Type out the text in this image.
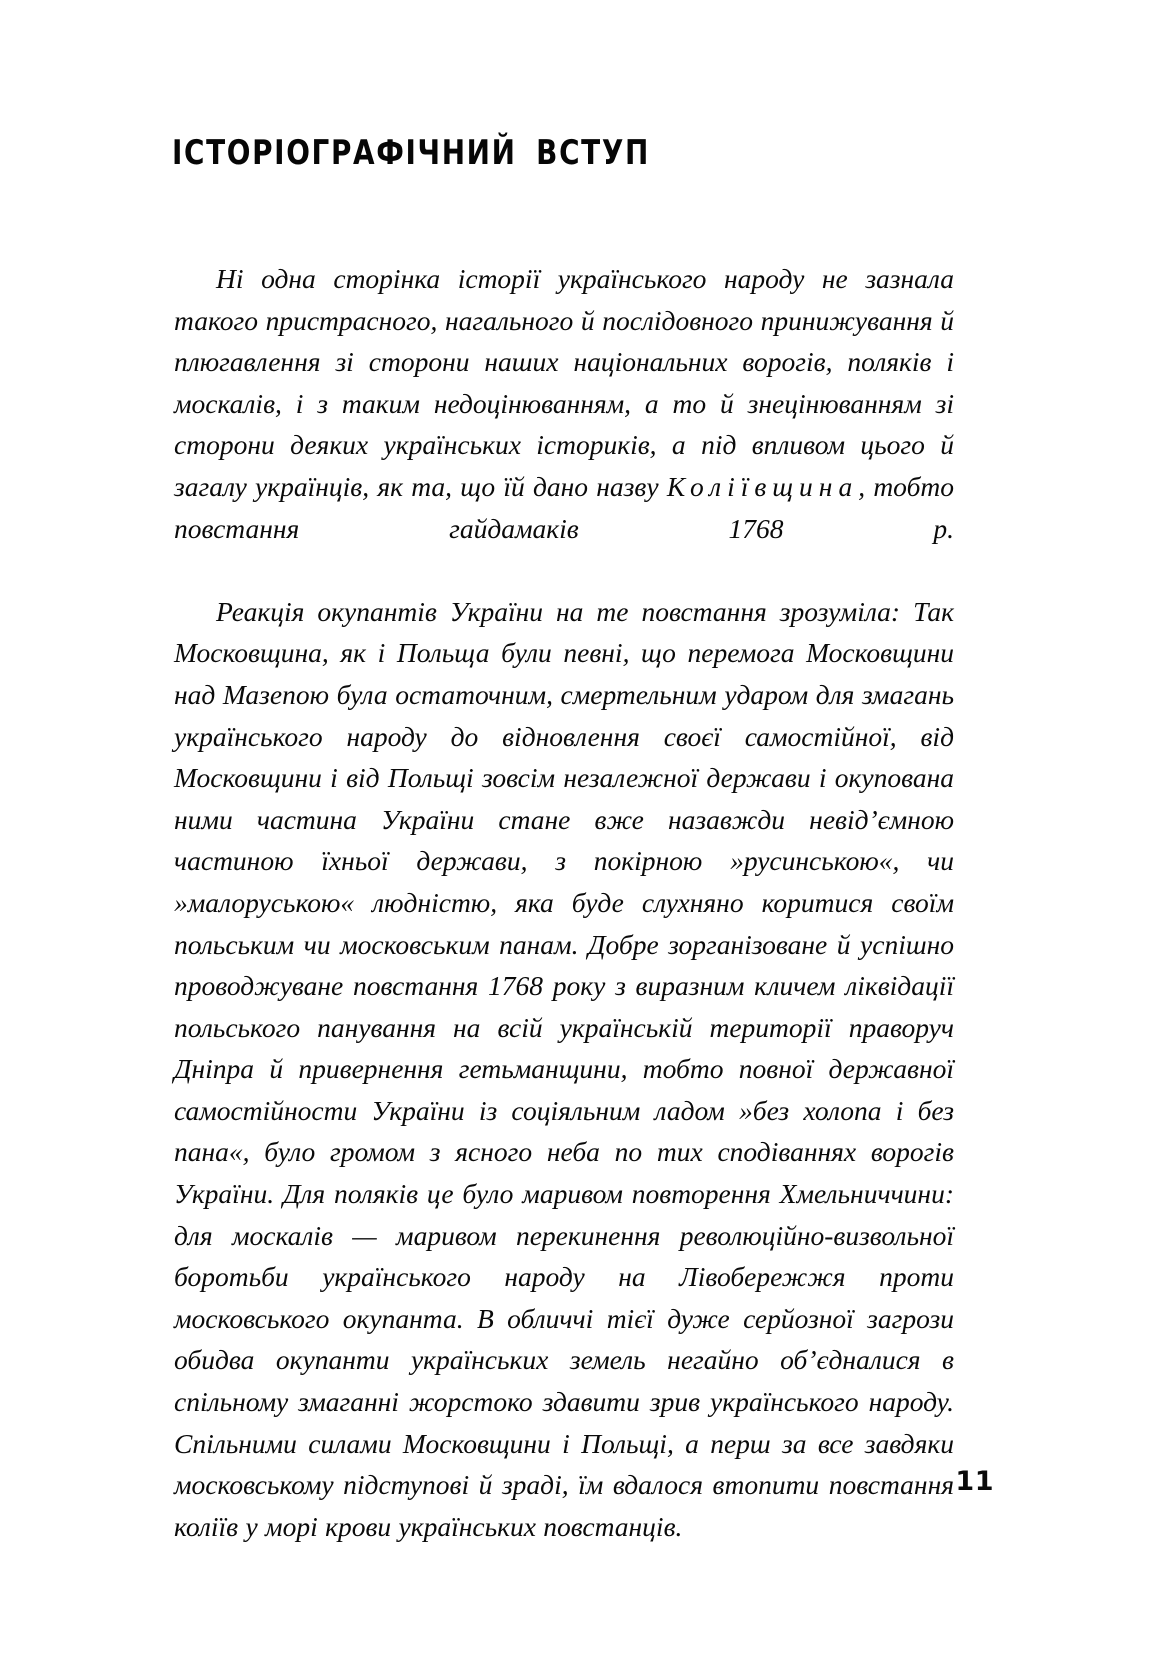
ІСТОРІОГРАФІЧНИЙ ВСТУП

Ні одна сторінка історії українського народу не зазнала такого пристрасного, нагального й послідовного принижування й плюгавлення зі сторони наших національних ворогів, поляків і москалів, і з таким недоцінюванням, а то й знецінюванням зі сторони деяких українських істориків, а під впливом цього й загалу українців, як та, що їй дано назву Коліївщина, тобто повстання гайдамаків 1768 р.

Реакція окупантів України на те повстання зрозуміла: Так Московщина, як і Польща були певні, що перемога Московщини над Мазепою була остаточним, смертельним ударом для змагань українського народу до відновлення своєї самостійної, від Московщини і від Польщі зовсім незалежної держави і окупована ними частина України стане вже назавжди невід’ємною частиною їхньої держави, з покірною »русинською«, чи »малоруською« людністю, яка буде слухняно коритися своїм польським чи московським панам. Добре зорганізоване й успішно проводжуване повстання 1768 року з виразним кличем ліквідації польського панування на всій українській території праворуч Дніпра й привернення гетьманщини, тобто повної державної самостійности України із соціяльним ладом »без холопа і без пана«, було громом з ясного неба по тих сподіваннях ворогів України. Для поляків це було маривом повторення Хмельниччини: для москалів — маривом перекинення революційно-визвольної боротьби українського народу на Лівобережжя проти московського окупанта. В обличчі тієї дуже серйозної загрози обидва окупанти українських земель негайно об’єдналися в спільному змаганні жорстоко здавити зрив українського народу. Спільними силами Московщини і Польщі, а перш за все завдяки московському підступові й зраді, їм вдалося втопити повстання коліїв у морі крови українських повстанців.

11
